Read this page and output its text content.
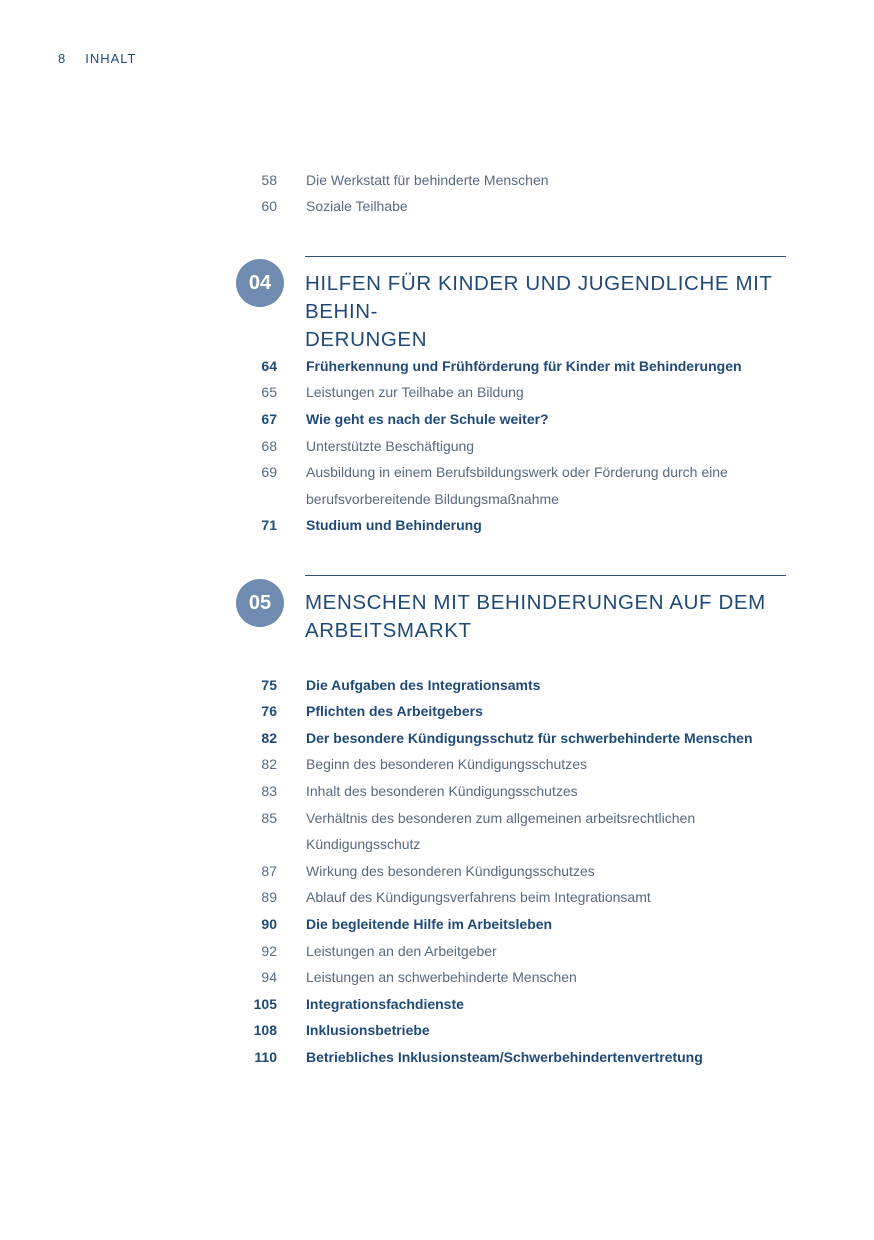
8 INHALT
58 Die Werkstatt für behinderte Menschen
60 Soziale Teilhabe
04	HILFEN FÜR KINDER UND JUGENDLICHE MIT BEHIN-
DERUNGEN
64 Früherkennung und Frühförderung für Kinder mit Behinderungen
65 Leistungen zur Teilhabe an Bildung
67 Wie geht es nach der Schule weiter?
68 Unterstützte Beschäftigung
69 Ausbildung in einem Berufsbildungswerk oder Förderung durch eine
berufsvorbereitende Bildungsmaßnahme
71 Studium und Behinderung
05	MENSCHEN MIT BEHINDERUNGEN AUF DEM
ARBEITSMARKT
75 Die Aufgaben des Integrationsamts
76 Pflichten des Arbeitgebers
82 Der besondere Kündigungsschutz für schwerbehinderte Menschen
82 Beginn des besonderen Kündigungsschutzes
83 Inhalt des besonderen Kündigungsschutzes
85 Verhältnis des besonderen zum allgemeinen arbeitsrechtlichen
Kündigungsschutz
87 Wirkung des besonderen Kündigungsschutzes
89 Ablauf des Kündigungsverfahrens beim Integrationsamt
90 Die begleitende Hilfe im Arbeitsleben
92 Leistungen an den Arbeitgeber
94 Leistungen an schwerbehinderte Menschen
105 Integrationsfachdienste
108 Inklusionsbetriebe
110 Betriebliches Inklusionsteam/Schwerbehindertenvertretung
